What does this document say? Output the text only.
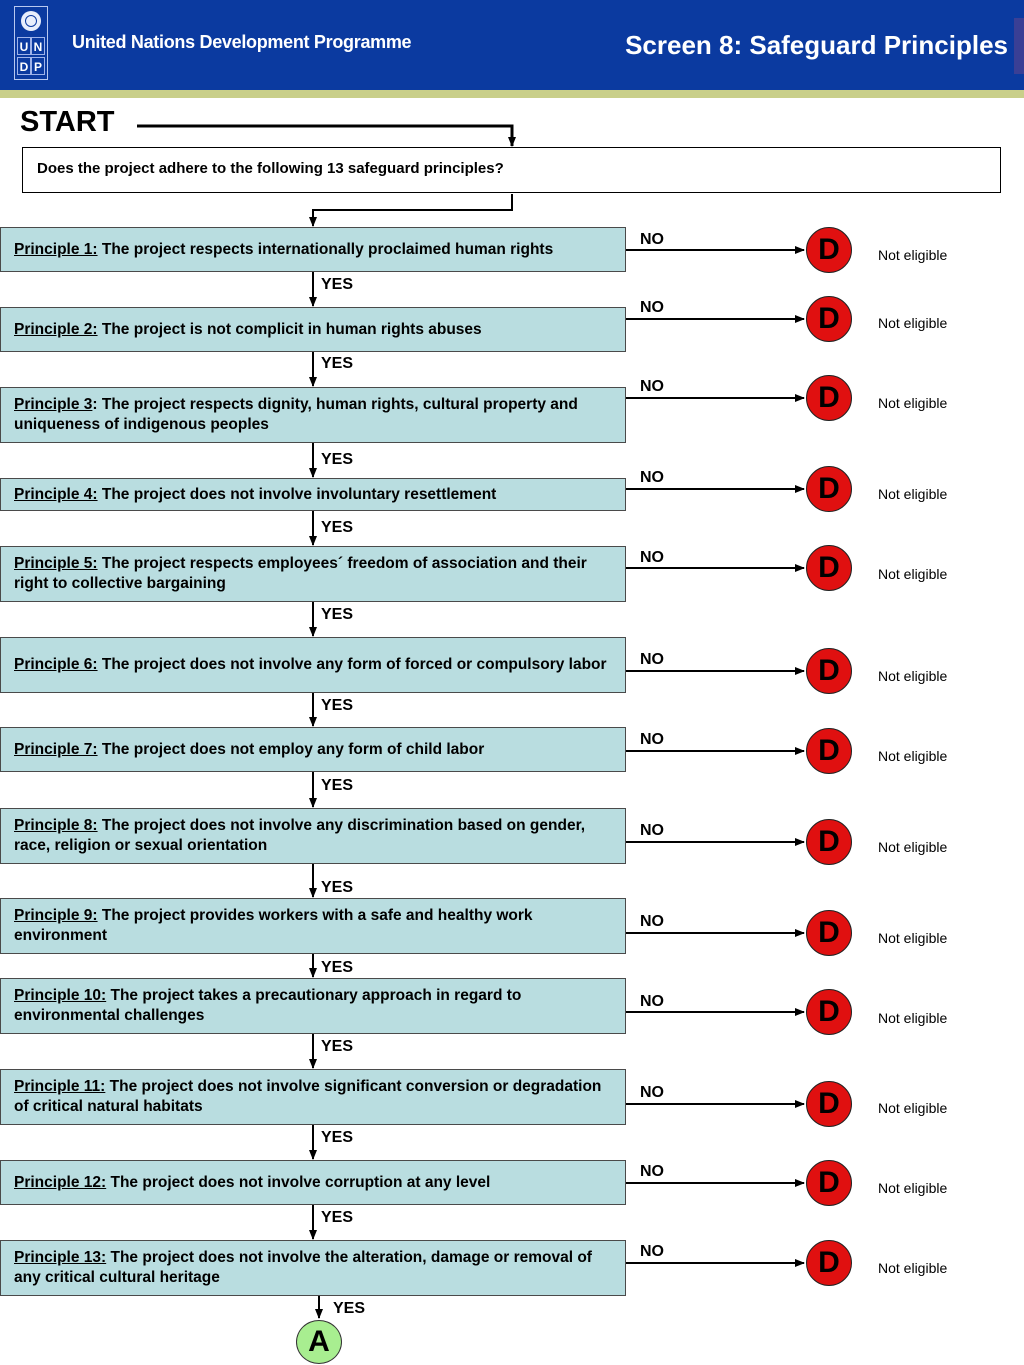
U N
D P
United Nations Development Programme	Screen 8: Safeguard Principles
START
Does the project adhere to the following 13 safeguard principles?
Principle 1: The project respects internationally proclaimed human rights
NO	D	Not eligible
YES
Principle 2: The project is not complicit in human rights abuses
NO	D	Not eligible
YES
Principle 3: The project respects dignity, human rights, cultural property and uniqueness of indigenous peoples
NO	D	Not eligible
YES
Principle 4: The project does not involve involuntary resettlement
NO	D	Not eligible
YES
Principle 5: The project respects employees´ freedom of association and their right to collective bargaining
NO	D	Not eligible
YES
Principle 6: The project does not involve any form of forced or compulsory labor NO	D	Not eligible
YES
Principle 7: The project does not employ any form of child labor
NO	D	Not eligible
YES
Principle 8: The project does not involve any discrimination based on gender, race, religion or sexual orientation
NO	D	Not eligible
YES
Principle 9: The project provides workers with a safe and healthy work environment
NO	D	Not eligible
YES
Principle 10: The project takes a precautionary approach in regard to environmental challenges
NO	D	Not eligible
YES
Principle 11: The project does not involve significant conversion or degradation of critical natural habitats
NO	D	Not eligible
YES
Principle 12: The project does not involve corruption at any level
NO	D	Not eligible
YES
Principle 13: The project does not involve the alteration, damage or removal of any critical cultural heritage
NO	D	Not eligible
YES
A
